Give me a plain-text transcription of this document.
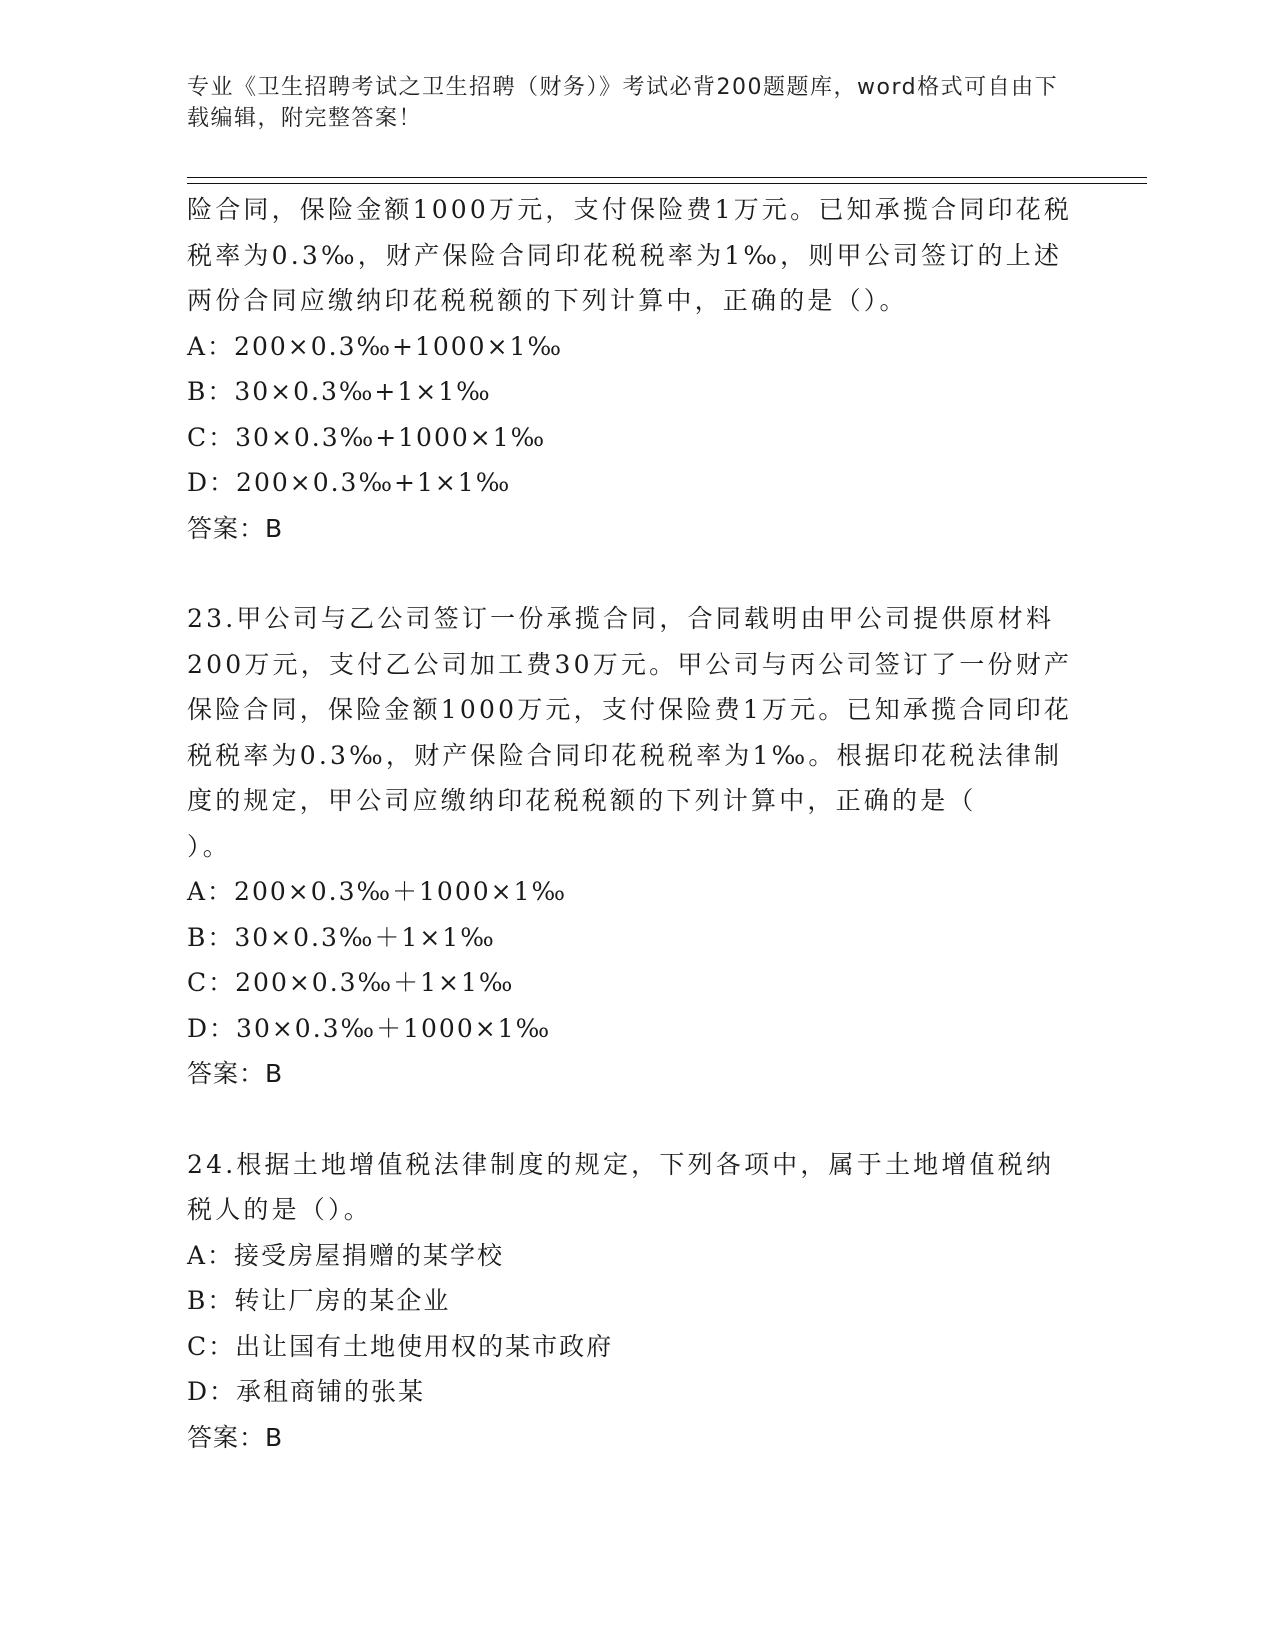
专业《卫生招聘考试之卫生招聘（财务）》考试必背200题题库，word格式可自由下载编辑，附完整答案！

险合同，保险金额1000万元，支付保险费1万元。已知承揽合同印花税税率为0.3‰，财产保险合同印花税税率为1‰，则甲公司签订的上述两份合同应缴纳印花税税额的下列计算中，正确的是（）。

A：200×0.3‰+1000×1‰

B：30×0.3‰+1×1‰

C：30×0.3‰+1000×1‰

D：200×0.3‰+1×1‰

答案：B

23.甲公司与乙公司签订一份承揽合同，合同载明由甲公司提供原材料200万元，支付乙公司加工费30万元。甲公司与丙公司签订了一份财产保险合同，保险金额1000万元，支付保险费1万元。已知承揽合同印花税税率为0.3‰，财产保险合同印花税税率为1‰。根据印花税法律制度的规定，甲公司应缴纳印花税税额的下列计算中，正确的是（
）。

A：200×0.3‰＋1000×1‰

B：30×0.3‰＋1×1‰

C：200×0.3‰＋1×1‰

D：30×0.3‰＋1000×1‰

答案：B

24.根据土地增值税法律制度的规定，下列各项中，属于土地增值税纳税人的是（）。

A：接受房屋捐赠的某学校

B：转让厂房的某企业

C：出让国有土地使用权的某市政府

D：承租商铺的张某

答案：B
